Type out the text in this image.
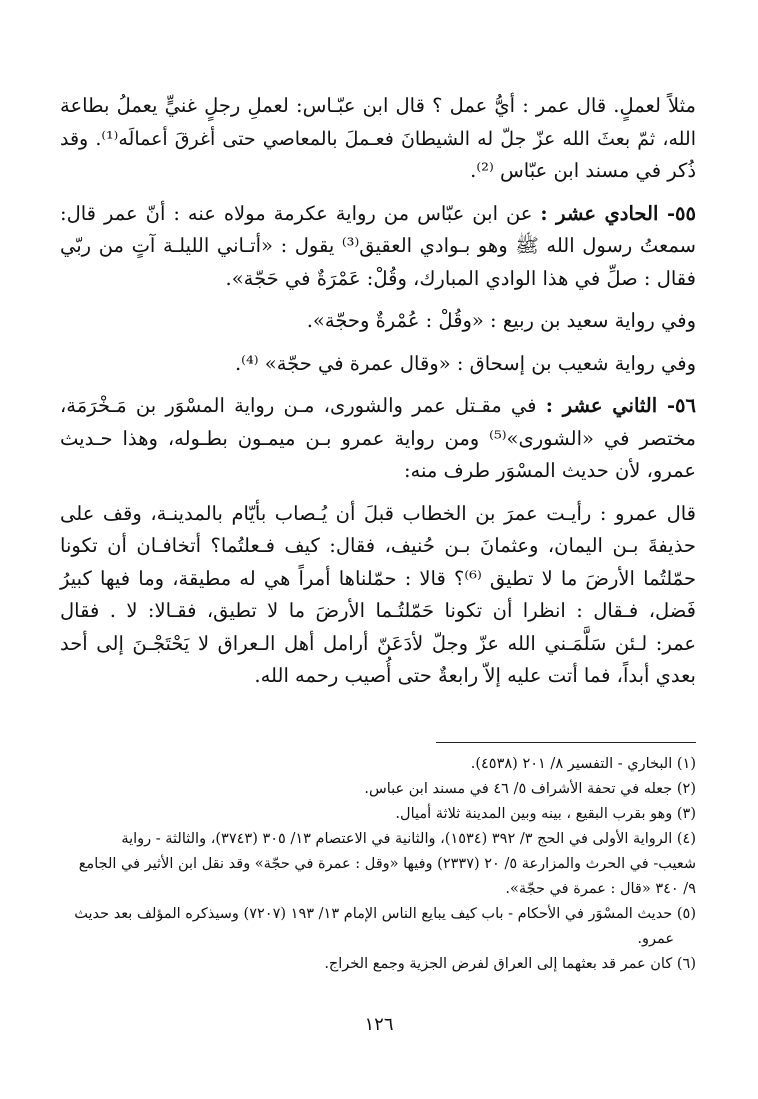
مثلاً لعملٍ. قال عمر : أيُّ عمل ؟ قال ابن عبّـاس: لعملِ رجلٍ غنيٍّ يعملُ بطاعة
الله، ثمّ بعثَ الله عزّ جلّ له الشيطانَ فعـملَ بالمعاصي حتى أغرقَ أعمالَه⁽¹⁾. وقد
ذُكر في مسند ابن عبّاس ⁽²⁾.

٥٥- الحادي عشر : عن ابن عبّاس من رواية عكرمة مولاه عنه : أنّ عمر قال:
سمعتُ رسول الله ﷺ وهو بـوادي العقيق⁽³⁾ يقول : «أتـاني الليلـة آتٍ من ربّي
فقال : صلِّ في هذا الوادي المبارك، وقُلْ: عَمْرَةٌ في حَجّة».

وفي رواية سعيد بن ربيع : «وقُلْ : عُمْرةٌ وحجّة».

وفي رواية شعيب بن إسحاق : «وقال عمرة في حجّة» ⁽⁴⁾.

٥٦- الثاني عشر : في مقـتل عمر والشورى، مـن رواية المسْوَر بن مَـخْرَمَة،
مختصر في «الشورى»⁽⁵⁾ ومن رواية عمرو بـن ميمـون بطـوله، وهذا حـديث
عمرو، لأن حديث المسْوَر طرف منه:

قال عمرو : رأيـت عمرَ بن الخطاب قبلَ أن يُـصاب بأيّام بالمدينـة، وقف على
حذيفةَ بـن اليمان، وعثمانَ بـن حُنيف، فقال: كيف فـعلتُما؟ أتخافـان أن تكونا
حمّلتُما الأرضَ ما لا تطيق ⁽⁶⁾؟ قالا : حمّلناها أمراً هي له مطيقة، وما فيها كبيرُ
فَضل، فـقال : انظرا أن تكونا حَمّلتُـما الأرضَ ما لا تطيق، فقـالا: لا . فقال
عمر: لـئن سَلَّمَـني الله عزّ وجلّ لأدَعَنّ أرامل أهل الـعراق لا يَحْتَجْـنَ إلى أحد
بعدي أبداً، فما أتت عليه إلاّ رابعةٌ حتى أُصيب رحمه الله.

(١) البخاري - التفسير ٨/ ٢٠١ (٤٥٣٨).
(٢) جعله في تحفة الأشراف ٥/ ٤٦ في مسند ابن عباس.
(٣) وهو بقرب البقيع ، بينه وبين المدينة ثلاثة أميال.
(٤) الرواية الأولى في الحج ٣/ ٣٩٢ (١٥٣٤)، والثانية في الاعتصام ١٣/ ٣٠٥ (٣٧٤٣)، والثالثة - رواية
شعيب- في الحرث والمزارعة ٥/ ٢٠ (٢٣٣٧) وفيها «وقل : عمرة في حجّة» وقد نقل ابن الأثير في الجامع
٩/ ٣٤٠ «قال : عمرة في حجّة».
(٥) حديث المسْوَر في الأحكام - باب كيف يبايع الناس الإمام ١٣/ ١٩٣ (٧٢٠٧) وسيذكره المؤلف بعد حديث
عمرو.
(٦) كان عمر قد بعثهما إلى العراق لفرض الجزية وجمع الخراج.
١٢٦
